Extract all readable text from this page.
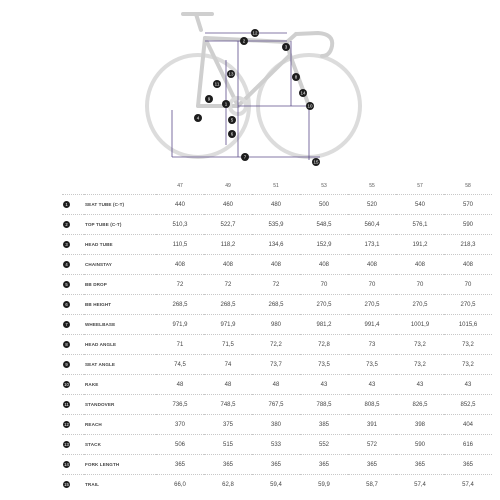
1
2
3
4	5
6
7
8
9
10
11
12
13
14
15
		47	49	51	53	55	57	58
1	SEAT TUBE (C-T)	440	460	480	500	520	540	570
2	TOP TUBE (C-T)	510,3	522,7	535,9	548,5	560,4	576,1	590
3	HEAD TUBE	110,5	118,2	134,6	152,9	173,1	191,2	218,3
4	CHAINSTAY	408	408	408	408	408	408	408
5	BB DROP	72	72	72	70	70	70	70
6	BB HEIGHT	268,5	268,5	268,5	270,5	270,5	270,5	270,5
7	WHEELBASE	971,9	971,9	980	981,2	991,4	1001,9	1015,6
8	HEAD ANGLE	71	71,5	72,2	72,8	73	73,2	73,2
9	SEAT ANGLE	74,5	74	73,7	73,5	73,5	73,2	73,2
10	RAKE	48	48	48	43	43	43	43
11	STANDOVER	736,5	748,5	767,5	788,5	808,5	826,5	852,5
12	REACH	370	375	380	385	391	398	404
13	STACK	506	515	533	552	572	590	616
14	FORK LENGTH	365	365	365	365	365	365	365
15	TRAIL	66,0	62,8	59,4	59,9	58,7	57,4	57,4
